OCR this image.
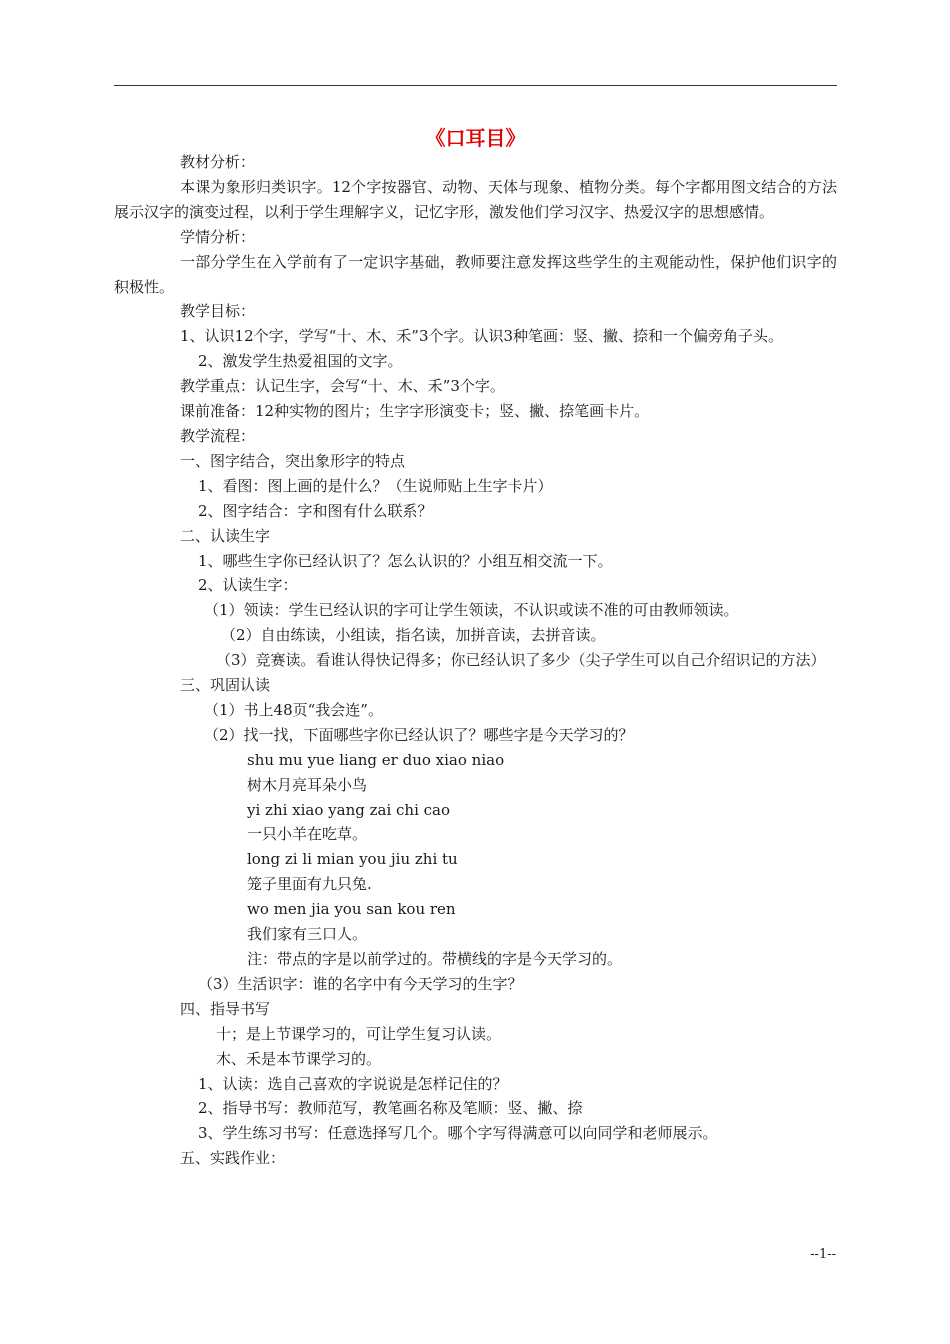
《口耳目》

教材分析：

本课为象形归类识字。12个字按器官、动物、天体与现象、植物分类。每个字都用图文结合的方法展示汉字的演变过程，以利于学生理解字义，记忆字形，激发他们学习汉字、热爱汉字的思想感情。

学情分析：

一部分学生在入学前有了一定识字基础，教师要注意发挥这些学生的主观能动性，保护他们识字的积极性。

教学目标：

1、认识12个字，学写“十、木、禾”3个字。认识3种笔画：竖、撇、捺和一个偏旁角子头。

2、激发学生热爱祖国的文字。

教学重点：认记生字，会写“十、木、禾”3个字。

课前准备：12种实物的图片；生字字形演变卡；竖、撇、捺笔画卡片。

教学流程：

一、图字结合，突出象形字的特点

1、看图：图上画的是什么？（生说师贴上生字卡片）

2、图字结合：字和图有什么联系？

二、认读生字

1、哪些生字你已经认识了？怎么认识的？小组互相交流一下。

2、认读生字：

（1）领读：学生已经认识的字可让学生领读，不认识或读不准的可由教师领读。

（2）自由练读，小组读，指名读，加拼音读，去拼音读。

（3）竞赛读。看谁认得快记得多；你已经认识了多少（尖子学生可以自己介绍识记的方法）

三、巩固认读

（1）书上48页“我会连”。

（2）找一找，下面哪些字你已经认识了？哪些字是今天学习的？

shu mu yue liang er duo xiao niao

树木月亮耳朵小鸟

yi zhi xiao yang zai chi cao

一只小羊在吃草。

long zi li mian you jiu zhi tu

笼子里面有九只兔.

wo men jia you san kou ren

我们家有三口人。

注：带点的字是以前学过的。带横线的字是今天学习的。

（3）生活识字：谁的名字中有今天学习的生字？

四、指导书写

十；是上节课学习的，可让学生复习认读。

木、禾是本节课学习的。

1、认读：选自己喜欢的字说说是怎样记住的？

2、指导书写：教师范写，教笔画名称及笔顺：竖、撇、捺

3、学生练习书写：任意选择写几个。哪个字写得满意可以向同学和老师展示。

五、实践作业：

--1--
